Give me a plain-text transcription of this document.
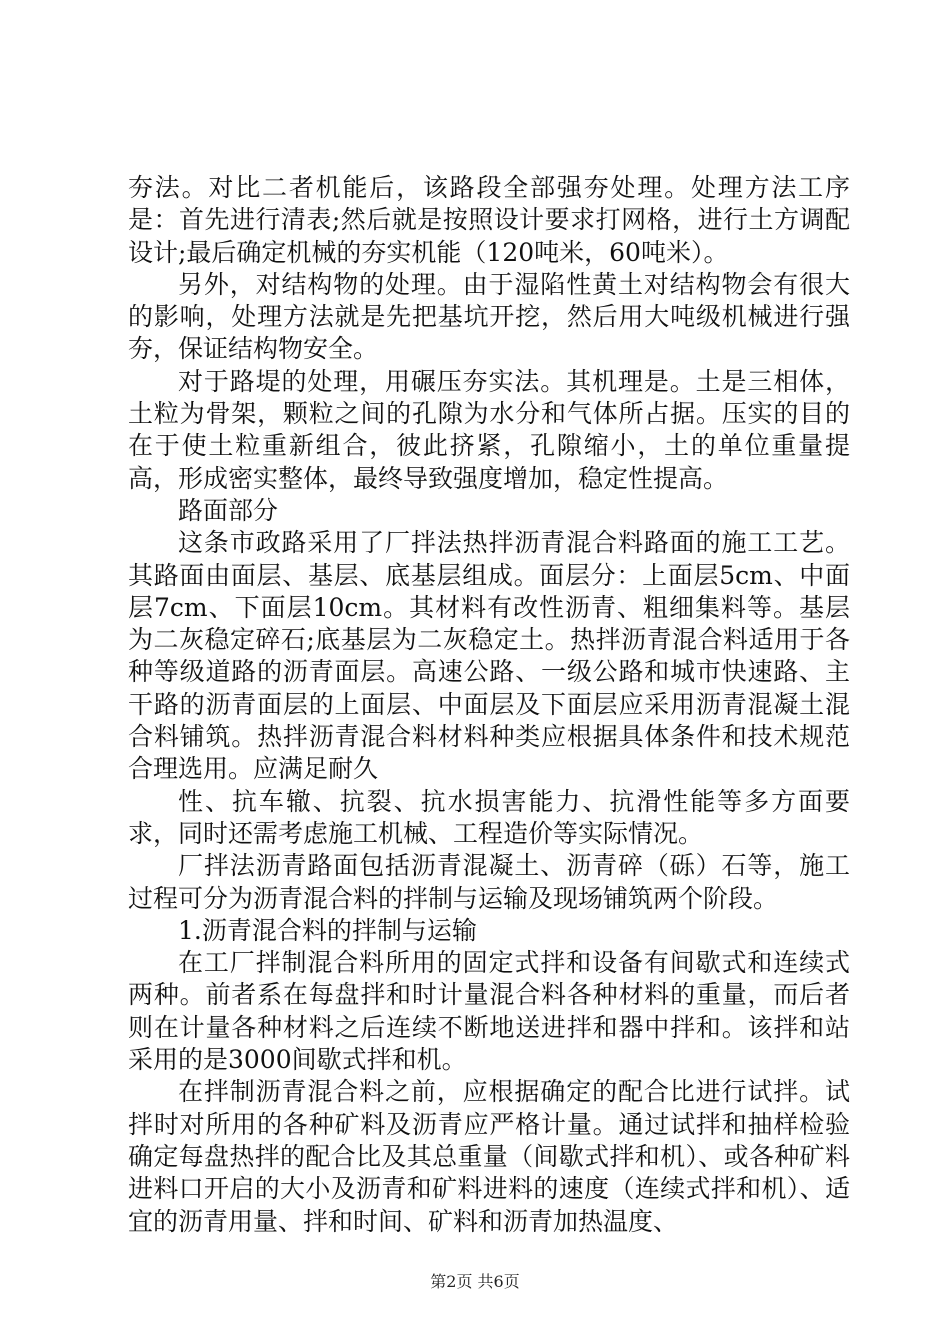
夯法。对比二者机能后，该路段全部强夯处理。处理方法工序是：首先进行清表;然后就是按照设计要求打网格，进行土方调配设计;最后确定机械的夯实机能（120吨米，60吨米）。

另外，对结构物的处理。由于湿陷性黄土对结构物会有很大的影响，处理方法就是先把基坑开挖，然后用大吨级机械进行强夯，保证结构物安全。

对于路堤的处理，用碾压夯实法。其机理是。土是三相体，土粒为骨架，颗粒之间的孔隙为水分和气体所占据。压实的目的在于使土粒重新组合，彼此挤紧，孔隙缩小，土的单位重量提高，形成密实整体，最终导致强度增加，稳定性提高。

路面部分

这条市政路采用了厂拌法热拌沥青混合料路面的施工工艺。其路面由面层、基层、底基层组成。面层分：上面层5cm、中面层7cm、下面层10cm。其材料有改性沥青、粗细集料等。基层为二灰稳定碎石;底基层为二灰稳定土。热拌沥青混合料适用于各种等级道路的沥青面层。高速公路、一级公路和城市快速路、主干路的沥青面层的上面层、中面层及下面层应采用沥青混凝土混合料铺筑。热拌沥青混合料材料种类应根据具体条件和技术规范合理选用。应满足耐久

性、抗车辙、抗裂、抗水损害能力、抗滑性能等多方面要求，同时还需考虑施工机械、工程造价等实际情况。

厂拌法沥青路面包括沥青混凝土、沥青碎（砾）石等，施工过程可分为沥青混合料的拌制与运输及现场铺筑两个阶段。

1.沥青混合料的拌制与运输

在工厂拌制混合料所用的固定式拌和设备有间歇式和连续式两种。前者系在每盘拌和时计量混合料各种材料的重量，而后者则在计量各种材料之后连续不断地送进拌和器中拌和。该拌和站采用的是3000间歇式拌和机。

在拌制沥青混合料之前，应根据确定的配合比进行试拌。试拌时对所用的各种矿料及沥青应严格计量。通过试拌和抽样检验确定每盘热拌的配合比及其总重量（间歇式拌和机）、或各种矿料进料口开启的大小及沥青和矿料进料的速度（连续式拌和机）、适宜的沥青用量、拌和时间、矿料和沥青加热温度、

第2页 共6页
